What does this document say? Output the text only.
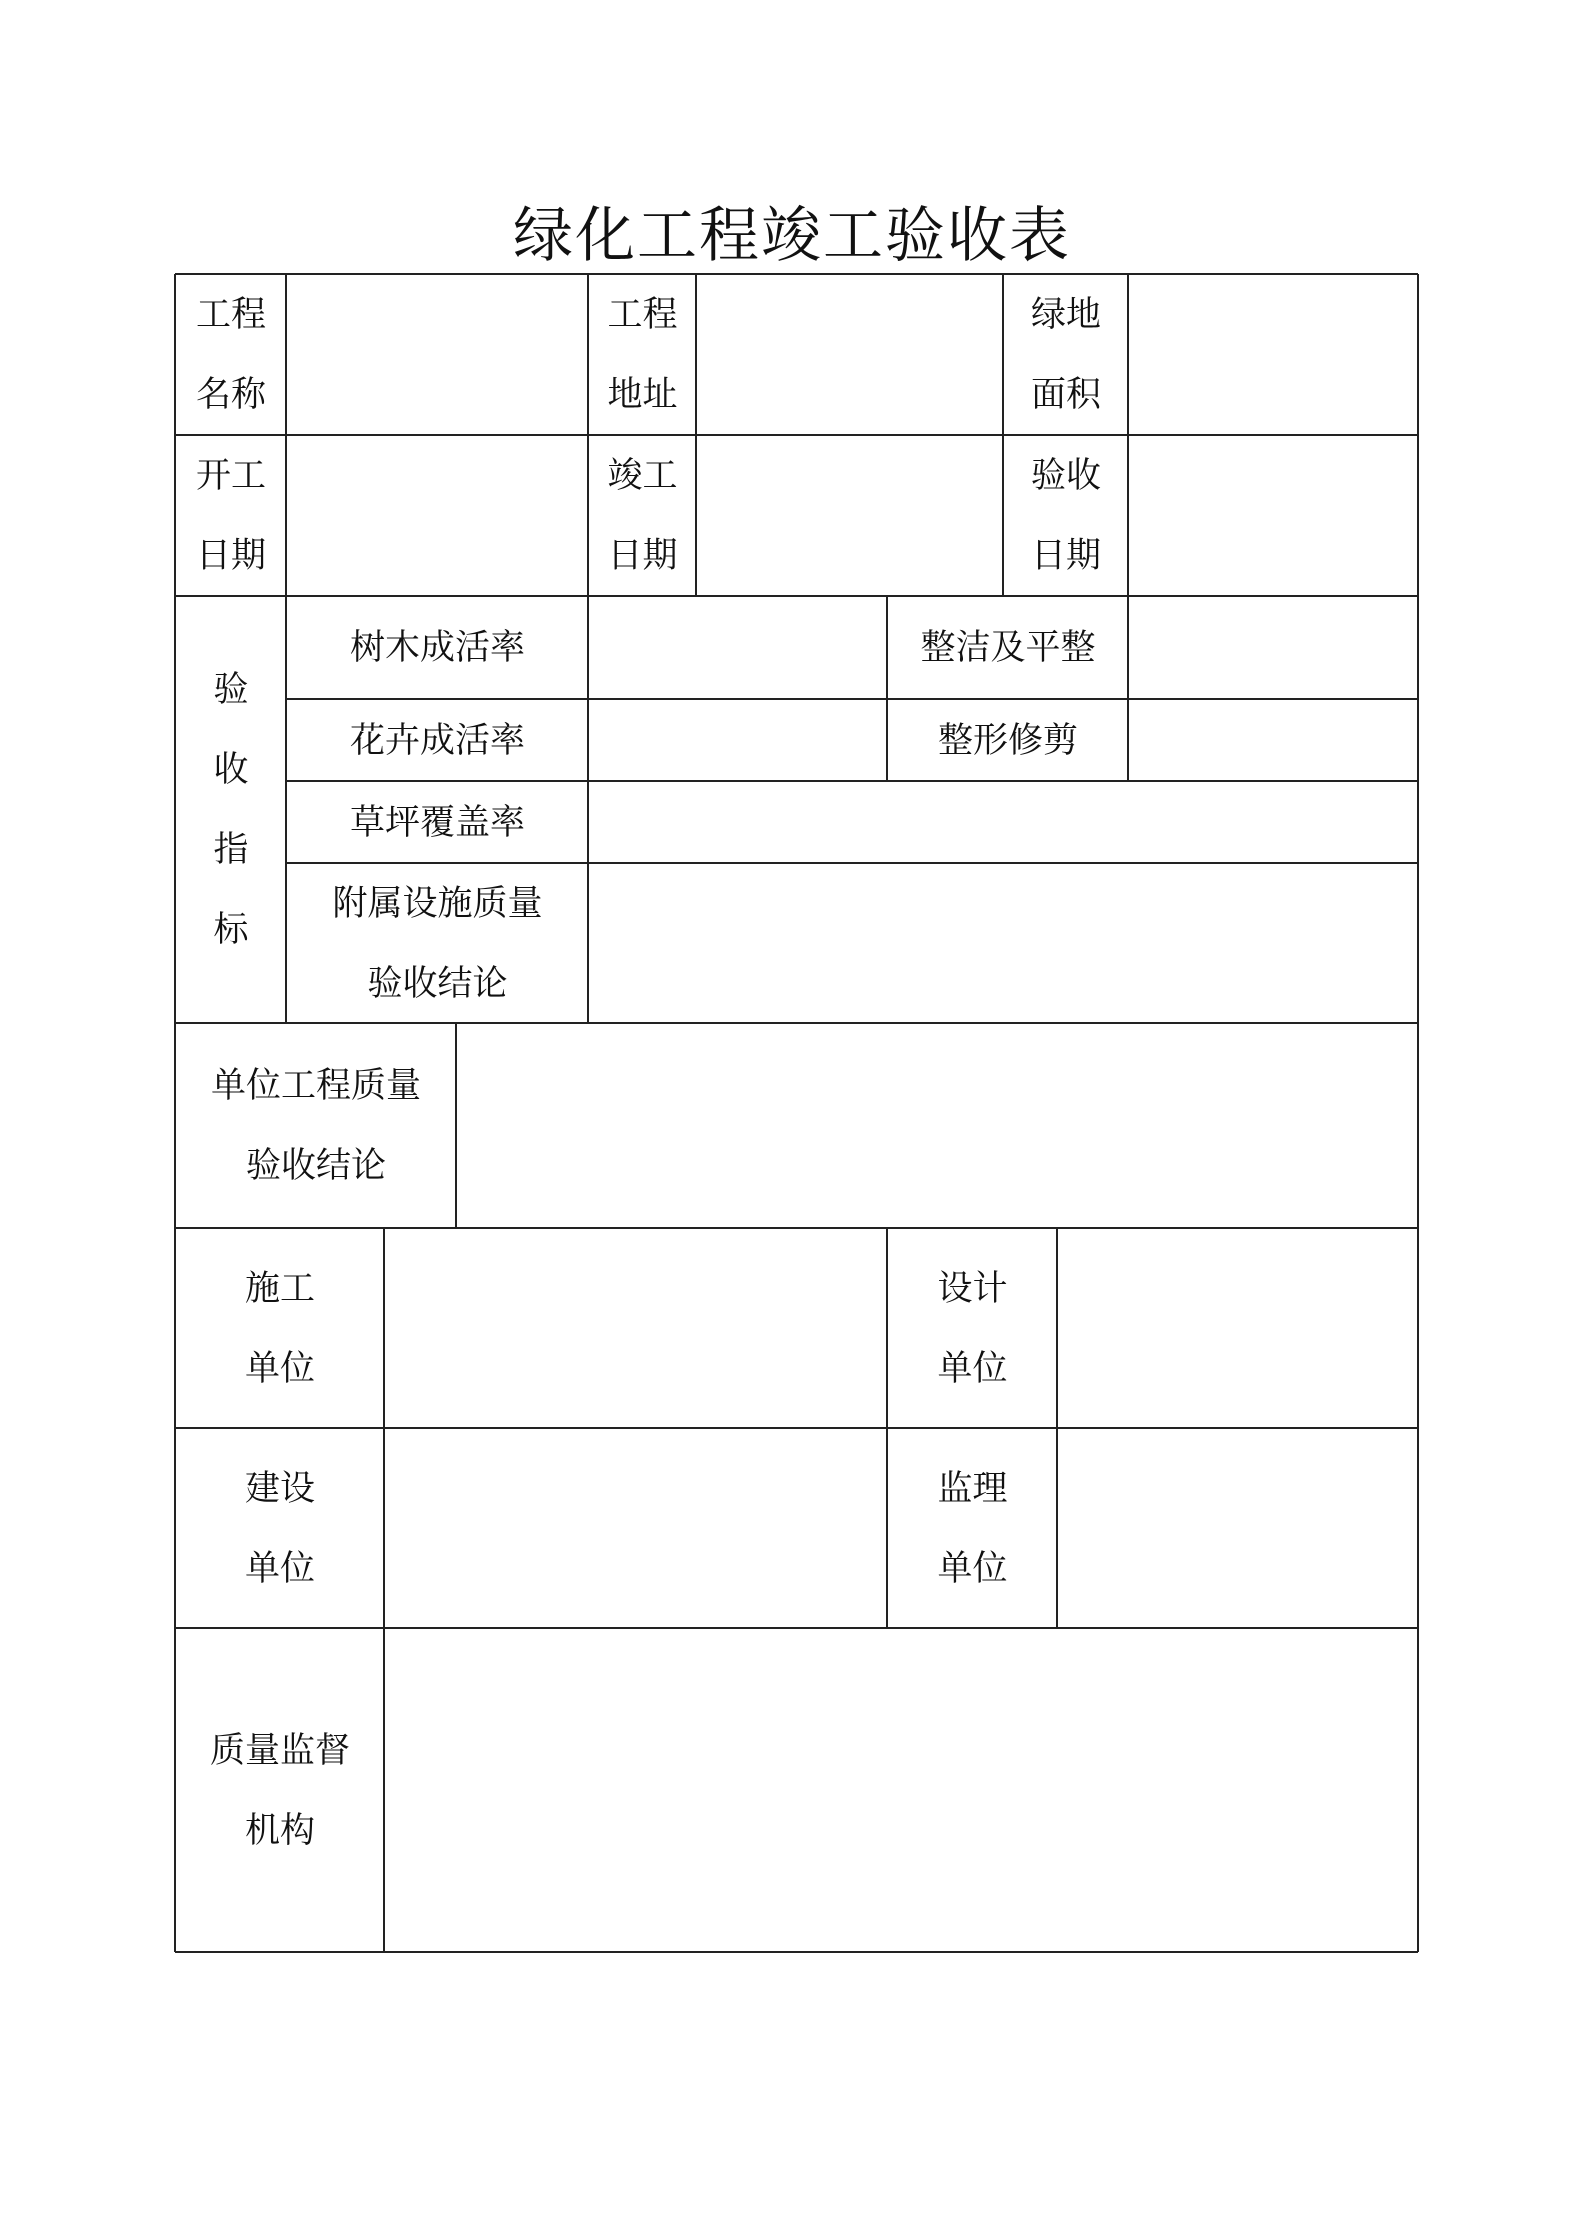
绿化工程竣工验收表
工程
名称
工程
地址
绿地
面积
开工
日期
竣工
日期
验收
日期
验
收
指
标
树木成活率	整洁及平整
花卉成活率	整形修剪
草坪覆盖率
附属设施质量
验收结论
单位工程质量
验收结论
施工
单位
设计
单位
建设
单位
监理
单位
质量监督
机构
